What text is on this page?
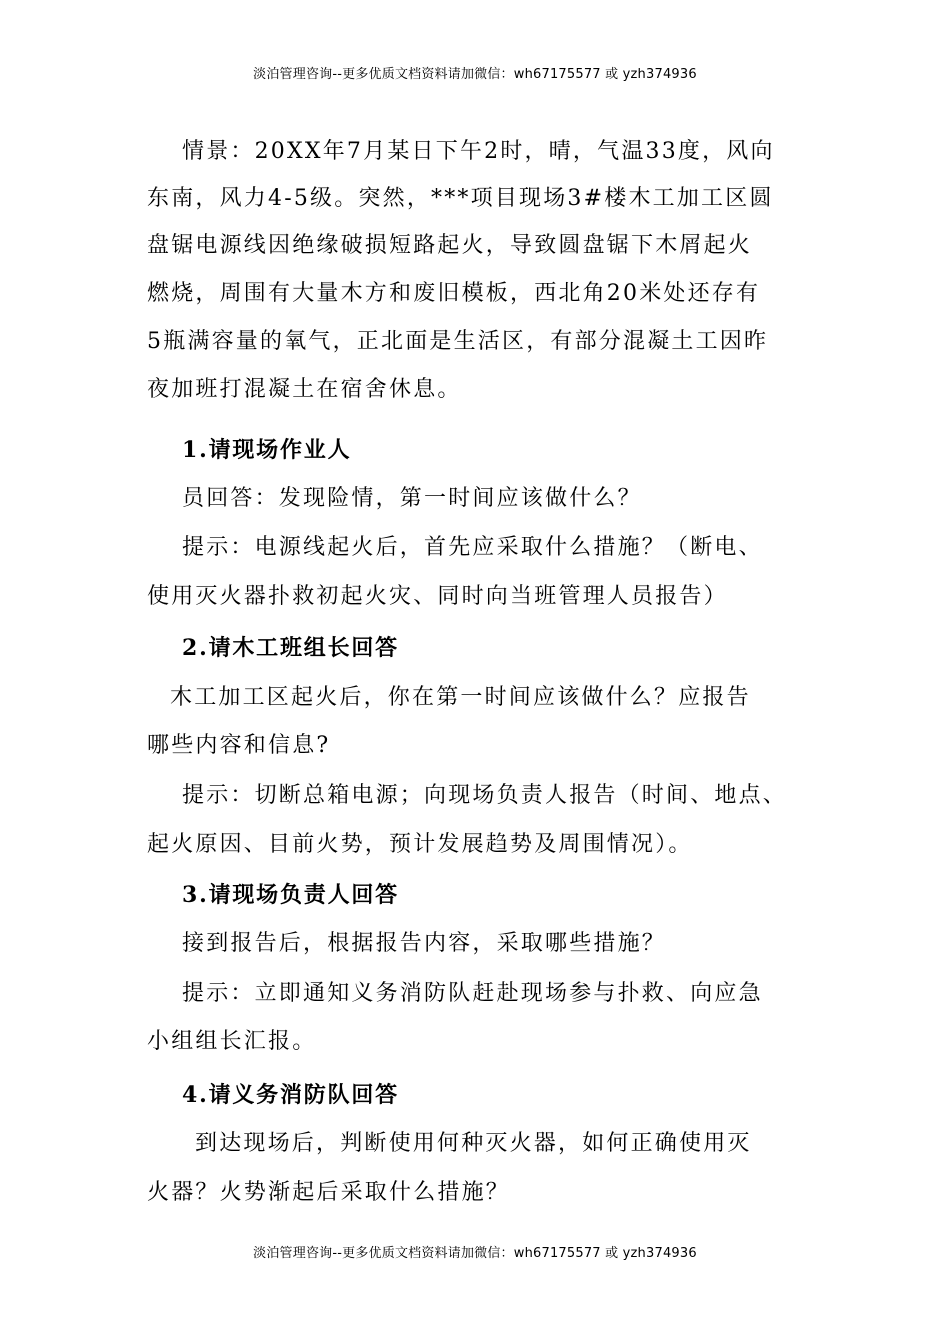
淡泊管理咨询--更多优质文档资料请加微信：wh67175577 或 yzh374936
情景：20XX年7月某日下午2时，晴，气温33度，风向
东南，风力4-5级。突然，***项目现场3#楼木工加工区圆
盘锯电源线因绝缘破损短路起火，导致圆盘锯下木屑起火
燃烧，周围有大量木方和废旧模板，西北角20米处还存有
5瓶满容量的氧气，正北面是生活区，有部分混凝土工因昨
夜加班打混凝土在宿舍休息。
1.请现场作业人
员回答：发现险情，第一时间应该做什么？
提示：电源线起火后，首先应采取什么措施？（断电、
使用灭火器扑救初起火灾、同时向当班管理人员报告）
2.请木工班组长回答
木工加工区起火后，你在第一时间应该做什么？应报告
哪些内容和信息?
提示：切断总箱电源；向现场负责人报告（时间、地点、
起火原因、目前火势，预计发展趋势及周围情况）。
3.请现场负责人回答
接到报告后，根据报告内容，采取哪些措施？
提示：立即通知义务消防队赶赴现场参与扑救、向应急
小组组长汇报。
4.请义务消防队回答
到达现场后，判断使用何种灭火器，如何正确使用灭
火器？火势渐起后采取什么措施？
淡泊管理咨询--更多优质文档资料请加微信：wh67175577 或 yzh374936
